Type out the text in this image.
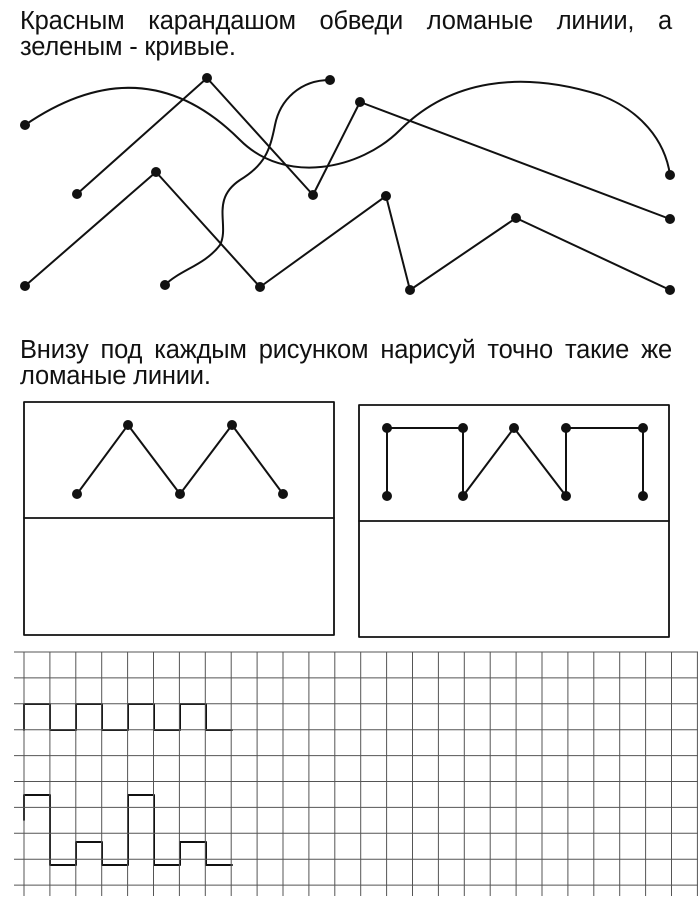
Красным карандашом обведи ломаные линии, а зеленым - кривые.
Внизу под каждым рисунком нарисуй точно такие же ломаные линии.
